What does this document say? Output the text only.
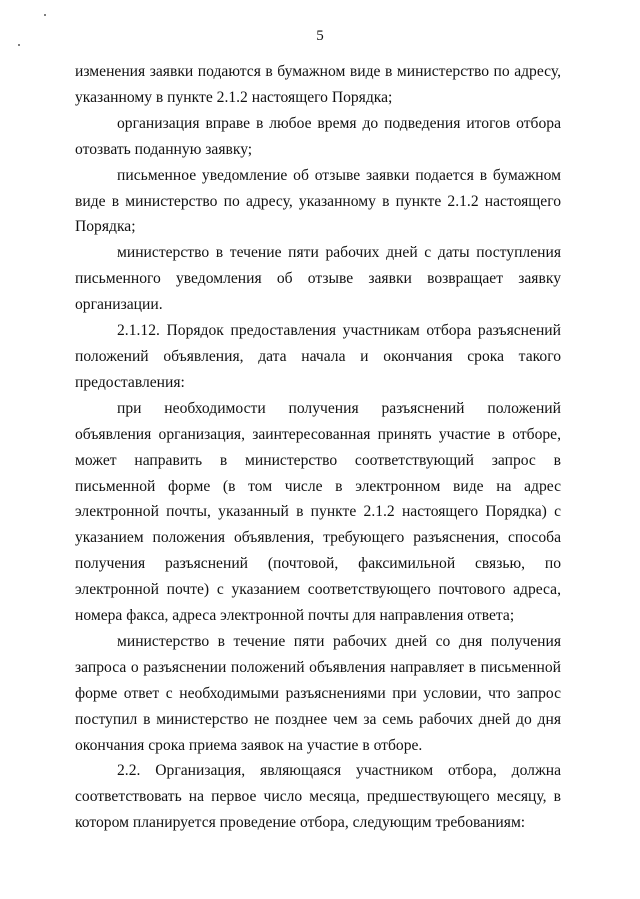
5

изменения заявки подаются в бумажном виде в министерство по адресу, указанному в пункте 2.1.2 настоящего Порядка;

организация вправе в любое время до подведения итогов отбора отозвать поданную заявку;

письменное уведомление об отзыве заявки подается в бумажном виде в министерство по адресу, указанному в пункте 2.1.2 настоящего Порядка;

министерство в течение пяти рабочих дней с даты поступления письменного уведомления об отзыве заявки возвращает заявку организации.

2.1.12. Порядок предоставления участникам отбора разъяснений положений объявления, дата начала и окончания срока такого предоставления:

при необходимости получения разъяснений положений объявления организация, заинтересованная принять участие в отборе, может направить в министерство соответствующий запрос в письменной форме (в том числе в электронном виде на адрес электронной почты, указанный в пункте 2.1.2 настоящего Порядка) с указанием положения объявления, требующего разъяснения, способа получения разъяснений (почтовой, факсимильной связью, по электронной почте) с указанием соответствующего почтового адреса, номера факса, адреса электронной почты для направления ответа;

министерство в течение пяти рабочих дней со дня получения запроса о разъяснении положений объявления направляет в письменной форме ответ с необходимыми разъяснениями при условии, что запрос поступил в министерство не позднее чем за семь рабочих дней до дня окончания срока приема заявок на участие в отборе.

2.2. Организация, являющаяся участником отбора, должна соответствовать на первое число месяца, предшествующего месяцу, в котором планируется проведение отбора, следующим требованиям:
